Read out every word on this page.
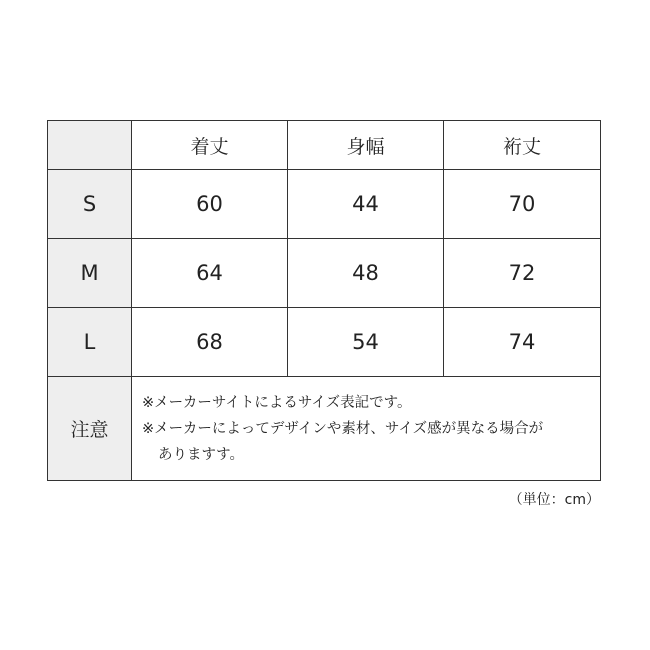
	着丈	身幅	裄丈
S	60	44	70
M	64	48	72
L	68	54	74
注意	※メーカーサイトによるサイズ表記です。
※メーカーによってデザインや素材、サイズ感が異なる場合が
ありますす。		
（単位：cm）
